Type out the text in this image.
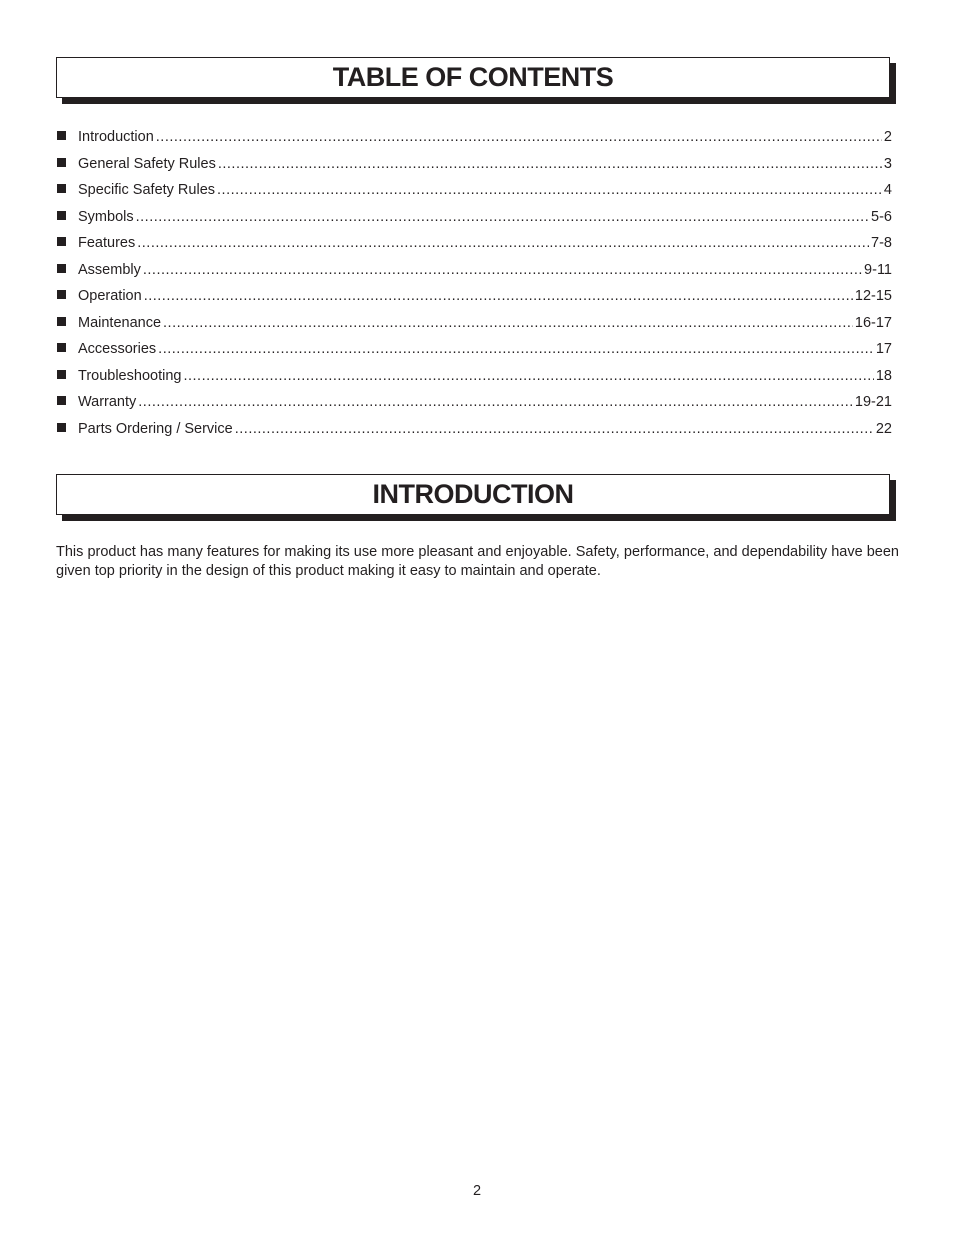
TABLE OF CONTENTS
Introduction .....	2
General Safety Rules .....	3
Specific Safety Rules .....	4
Symbols .....	5-6
Features .....	7-8
Assembly .....	9-11
Operation .....	12-15
Maintenance .....	16-17
Accessories .....	17
Troubleshooting .....	18
Warranty .....	19-21
Parts Ordering / Service .....	22
INTRODUCTION

This product has many features for making its use more pleasant and enjoyable. Safety, performance, and dependability have been given top priority in the design of this product making it easy to maintain and operate.

2
